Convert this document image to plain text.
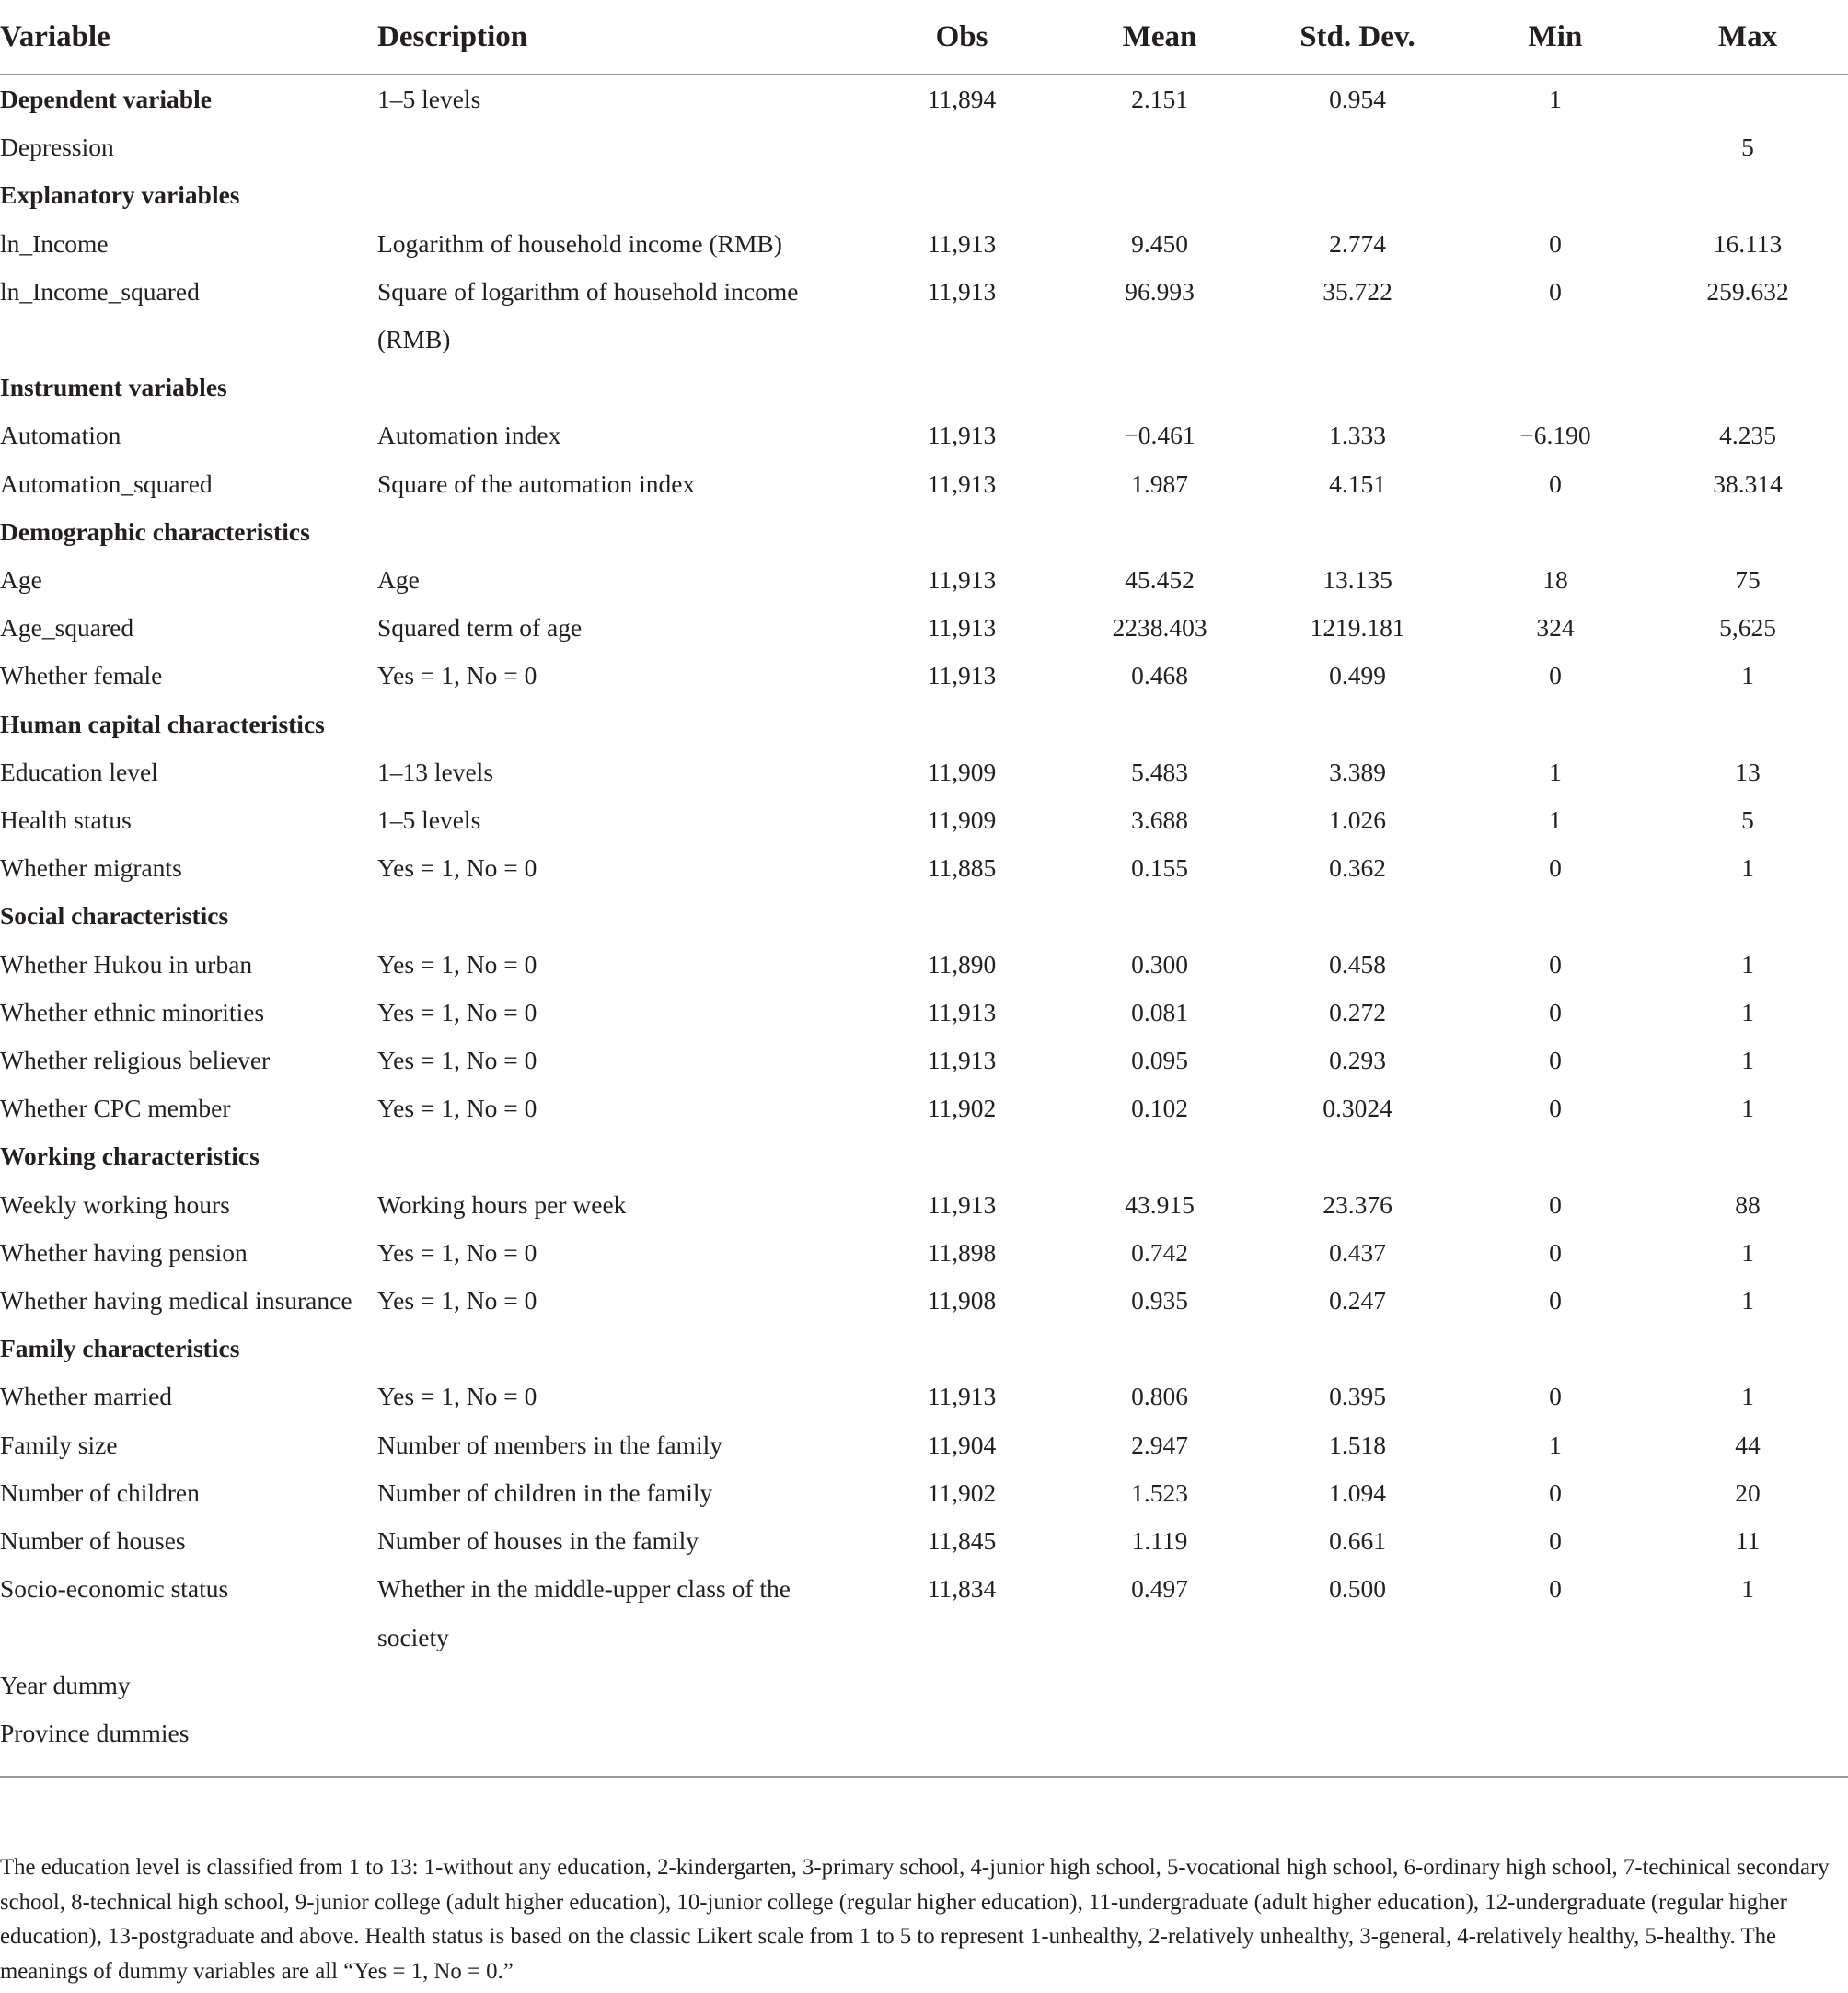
Variable	Description	Obs	Mean	Std. Dev.	Min	Max
Dependent variable	1–5 levels	11,894	2.151	0.954	1	
Depression						5
Explanatory variables						
ln_Income	Logarithm of household income (RMB)	11,913	9.450	2.774	0	16.113
ln_Income_squared	Square of logarithm of household income (RMB)	11,913	96.993	35.722	0	259.632
Instrument variables						
Automation	Automation index	11,913	−0.461	1.333	−6.190	4.235
Automation_squared	Square of the automation index	11,913	1.987	4.151	0	38.314
Demographic characteristics						
Age	Age	11,913	45.452	13.135	18	75
Age_squared	Squared term of age	11,913	2238.403	1219.181	324	5,625
Whether female	Yes = 1, No = 0	11,913	0.468	0.499	0	1
Human capital characteristics						
Education level	1–13 levels	11,909	5.483	3.389	1	13
Health status	1–5 levels	11,909	3.688	1.026	1	5
Whether migrants	Yes = 1, No = 0	11,885	0.155	0.362	0	1
Social characteristics						
Whether Hukou in urban	Yes = 1, No = 0	11,890	0.300	0.458	0	1
Whether ethnic minorities	Yes = 1, No = 0	11,913	0.081	0.272	0	1
Whether religious believer	Yes = 1, No = 0	11,913	0.095	0.293	0	1
Whether CPC member	Yes = 1, No = 0	11,902	0.102	0.3024	0	1
Working characteristics						
Weekly working hours	Working hours per week	11,913	43.915	23.376	0	88
Whether having pension	Yes = 1, No = 0	11,898	0.742	0.437	0	1
Whether having medical insurance	Yes = 1, No = 0	11,908	0.935	0.247	0	1
Family characteristics						
Whether married	Yes = 1, No = 0	11,913	0.806	0.395	0	1
Family size	Number of members in the family	11,904	2.947	1.518	1	44
Number of children	Number of children in the family	11,902	1.523	1.094	0	20
Number of houses	Number of houses in the family	11,845	1.119	0.661	0	11
Socio-economic status	Whether in the middle-upper class of the society	11,834	0.497	0.500	0	1
Year dummy						
Province dummies						

The education level is classified from 1 to 13: 1-without any education, 2-kindergarten, 3-primary school, 4-junior high school, 5-vocational high school, 6-ordinary high school, 7-techinical secondary school, 8-technical high school, 9-junior college (adult higher education), 10-junior college (regular higher education), 11-undergraduate (adult higher education), 12-undergraduate (regular higher education), 13-postgraduate and above. Health status is based on the classic Likert scale from 1 to 5 to represent 1-unhealthy, 2-relatively unhealthy, 3-general, 4-relatively healthy, 5-healthy. The meanings of dummy variables are all “Yes = 1, No = 0.”
